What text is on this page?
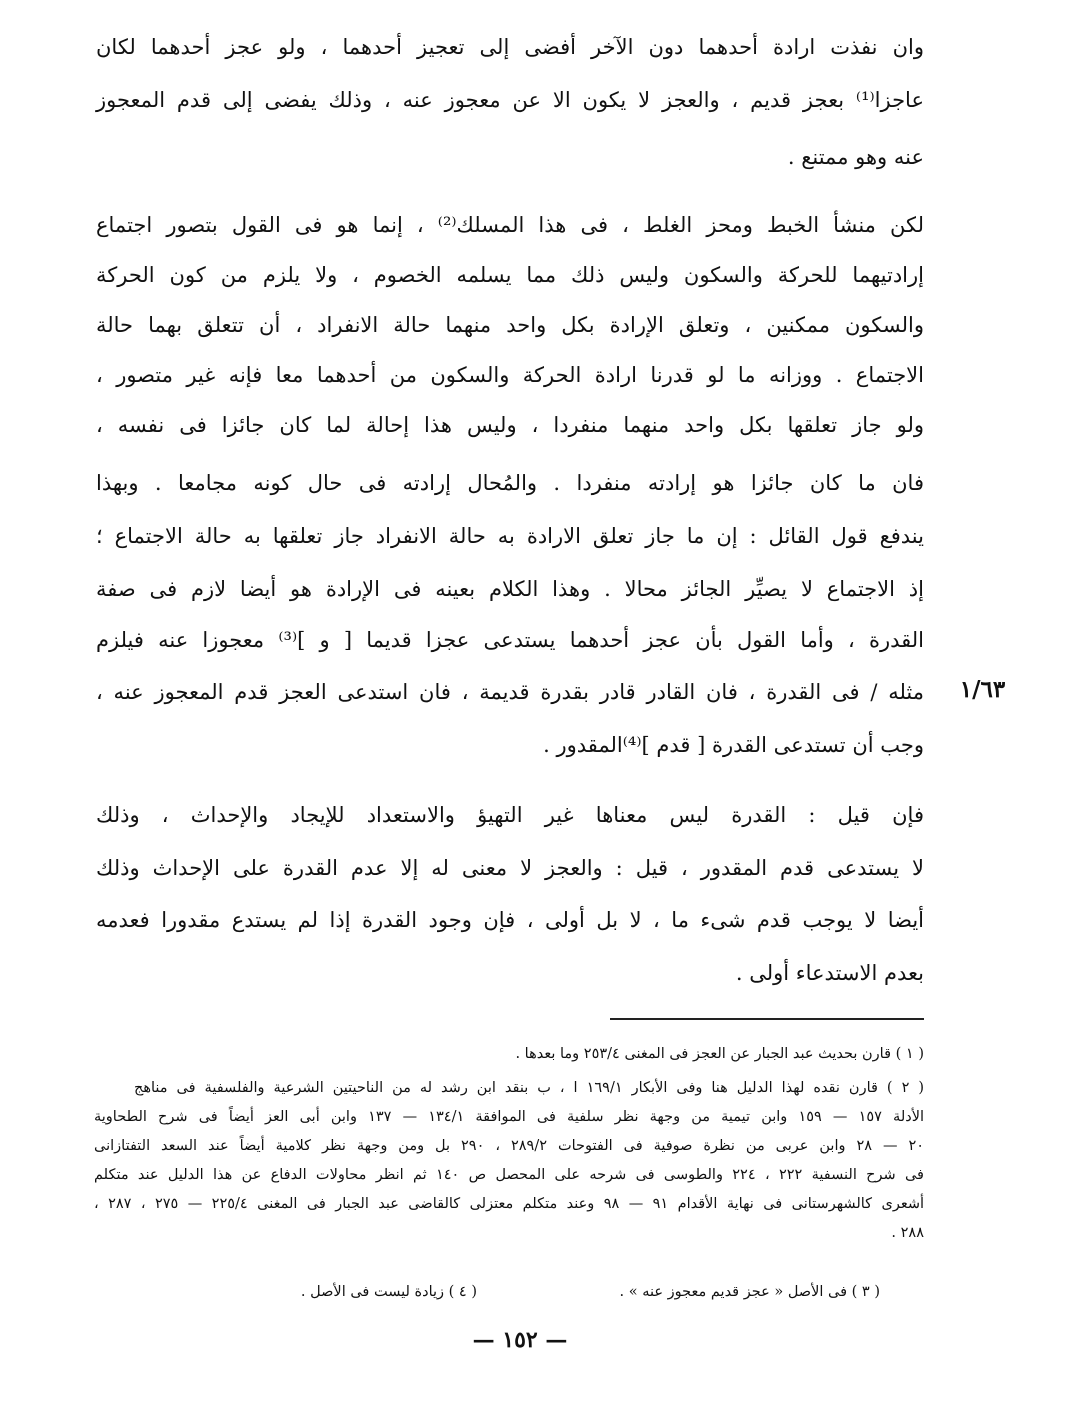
وان نفذت ارادة أحدهما دون الآخر أفضى إلى تعجيز أحدهما ، ولو عجز أحدهما لكان
عاجزا⁽¹⁾ بعجز قديم ، والعجز لا يكون الا عن معجوز عنه ، وذلك يفضى إلى قدم المعجوز
عنه وهو ممتنع .
لكن منشأ الخبط ومحز الغلط ، فى هذا المسلك⁽²⁾ ، إنما هو فى القول بتصور اجتماع
إرادتيهما للحركة والسكون وليس ذلك مما يسلمه الخصوم ، ولا يلزم من كون الحركة
والسكون ممكنين ، وتعلق الإرادة بكل واحد منهما حالة الانفراد ، أن تتعلق بهما حالة
الاجتماع . ووزانه ما لو قدرنا ارادة الحركة والسكون من أحدهما معا فإنه غير متصور ،
ولو جاز تعلقها بكل واحد منهما منفردا ، وليس هذا إحالة لما كان جائزا فى نفسه ،
فان ما كان جائزا هو إرادته منفردا . والمُحال إرادته فى حال كونه مجامعا . وبهذا
يندفع قول القائل : إن ما جاز تعلق الارادة به حالة الانفراد جاز تعلقها به حالة الاجتماع ؛
إذ الاجتماع لا يصيِّر الجائز محالا . وهذا الكلام بعينه فى الإرادة هو أيضا لازم فى صفة
القدرة ، وأما القول بأن عجز أحدهما يستدعى عجزا قديما [ و ]⁽³⁾ معجوزا عنه فيلزم
مثله / فى القدرة ، فان القادر قادر بقدرة قديمة ، فان استدعى العجز قدم المعجوز عنه ،
وجب أن تستدعى القدرة [ قدم ]⁽⁴⁾المقدور .
١/٦٣
فإن قيل : القدرة ليس معناها غير التهيؤ والاستعداد للإيجاد والإحداث ، وذلك
لا يستدعى قدم المقدور ، قيل : والعجز لا معنى له إلا عدم القدرة على الإحداث وذلك
أيضا لا يوجب قدم شىء ما ، لا بل أولى ، فإن وجود القدرة إذا لم يستدع مقدورا فعدمه
بعدم الاستدعاء أولى .
( ١ ) قارن بحديث عبد الجبار عن العجز فى المغنى ٢٥٣/٤ وما بعدها .
( ٢ ) قارن نقده لهذا الدليل هنا وفى الأبكار ١٦٩/١ ا ، ب بنقد ابن رشد له من الناحيتين الشرعية والفلسفية فى مناهج
الأدلة ١٥٧ — ١٥٩ وابن تيمية من وجهة نظر سلفية فى الموافقة ١٣٤/١ — ١٣٧ وابن أبى العز أيضاً فى شرح الطحاوية
٢٠ — ٢٨ وابن عربى من نظرة صوفية فى الفتوحات ٢٨٩/٢ ، ٢٩٠ بل ومن وجهة نظر كلامية أيضاً عند السعد التفتازانى
فى شرح النسفية ٢٢٢ ، ٢٢٤ والطوسى فى شرحه على المحصل ص ١٤٠ ثم انظر محاولات الدفاع عن هذا الدليل عند متكلم
أشعرى كالشهرستانى فى نهاية الأقدام ٩١ — ٩٨ وعند متكلم معتزلى كالقاضى عبد الجبار فى المغنى ٢٢٥/٤ — ٢٧٥ ، ٢٨٧ ،
٢٨٨ .
( ٣ ) فى الأصل « عجز قديم معجوز عنه » .
( ٤ ) زيادة ليست فى الأصل .
— ١٥٢ —
